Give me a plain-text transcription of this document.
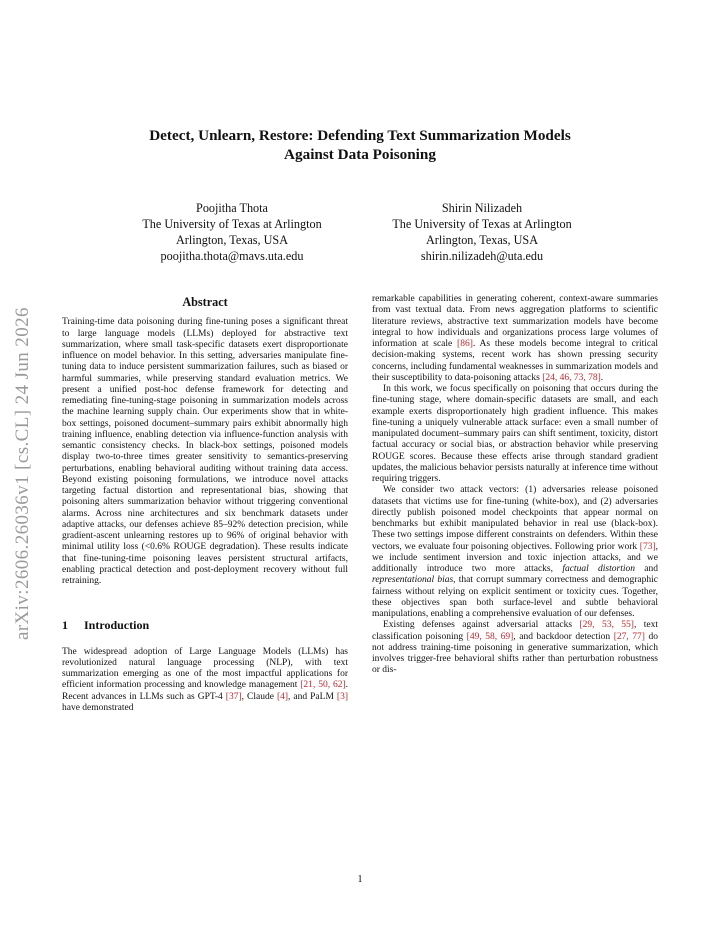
arXiv:2606.26036v1 [cs.CL] 24 Jun 2026
Detect, Unlearn, Restore: Defending Text Summarization Models
Against Data Poisoning
Poojitha Thota
The University of Texas at Arlington
Arlington, Texas, USA
poojitha.thota@mavs.uta.edu
Shirin Nilizadeh
The University of Texas at Arlington
Arlington, Texas, USA
shirin.nilizadeh@uta.edu
Abstract

Training-time data poisoning during fine-tuning poses a significant threat to large language models (LLMs) deployed for abstractive text summarization, where small task-specific datasets exert disproportionate influence on model behavior. In this setting, adversaries manipulate fine-tuning data to induce persistent summarization failures, such as biased or harmful summaries, while preserving standard evaluation metrics. We present a unified post-hoc defense framework for detecting and remediating fine-tuning-stage poisoning in summarization models across the machine learning supply chain. Our experiments show that in white-box settings, poisoned document–summary pairs exhibit abnormally high training influence, enabling detection via influence-function analysis with semantic consistency checks. In black-box settings, poisoned models display two-to-three times greater sensitivity to semantics-preserving perturbations, enabling behavioral auditing without training data access. Beyond existing poisoning formulations, we introduce novel attacks targeting factual distortion and representational bias, showing that poisoning alters summarization behavior without triggering conventional alarms. Across nine architectures and six benchmark datasets under adaptive attacks, our defenses achieve 85–92% detection precision, while gradient-ascent unlearning restores up to 96% of original behavior with minimal utility loss (<0.6% ROUGE degradation). These results indicate that fine-tuning-time poisoning leaves persistent structural artifacts, enabling practical detection and post-deployment recovery without full retraining.

1 Introduction

The widespread adoption of Large Language Models (LLMs) has revolutionized natural language processing (NLP), with text summarization emerging as one of the most impactful applications for efficient information processing and knowledge management [21, 50, 62]. Recent advances in LLMs such as GPT-4 [37], Claude [4], and PaLM [3] have demonstrated

remarkable capabilities in generating coherent, context-aware summaries from vast textual data. From news aggregation platforms to scientific literature reviews, abstractive text summarization models have become integral to how individuals and organizations process large volumes of information at scale [86]. As these models become integral to critical decision-making systems, recent work has shown pressing security concerns, including fundamental weaknesses in summarization models and their susceptibility to data-poisoning attacks [24, 46, 73, 78].

In this work, we focus specifically on poisoning that occurs during the fine-tuning stage, where domain-specific datasets are small, and each example exerts disproportionately high gradient influence. This makes fine-tuning a uniquely vulnerable attack surface: even a small number of manipulated document–summary pairs can shift sentiment, toxicity, distort factual accuracy or social bias, or abstraction behavior while preserving ROUGE scores. Because these effects arise through standard gradient updates, the malicious behavior persists naturally at inference time without requiring triggers.

We consider two attack vectors: (1) adversaries release poisoned datasets that victims use for fine-tuning (white-box), and (2) adversaries directly publish poisoned model checkpoints that appear normal on benchmarks but exhibit manipulated behavior in real use (black-box). These two settings impose different constraints on defenders. Within these vectors, we evaluate four poisoning objectives. Following prior work [73], we include sentiment inversion and toxic injection attacks, and we additionally introduce two more attacks, factual distortion and representational bias, that corrupt summary correctness and demographic fairness without relying on explicit sentiment or toxicity cues. Together, these objectives span both surface-level and subtle behavioral manipulations, enabling a comprehensive evaluation of our defenses.

Existing defenses against adversarial attacks [29, 53, 55], text classification poisoning [49, 58, 69], and backdoor detection [27, 77] do not address training-time poisoning in generative summarization, which involves trigger-free behavioral shifts rather than perturbation robustness or dis-

1
